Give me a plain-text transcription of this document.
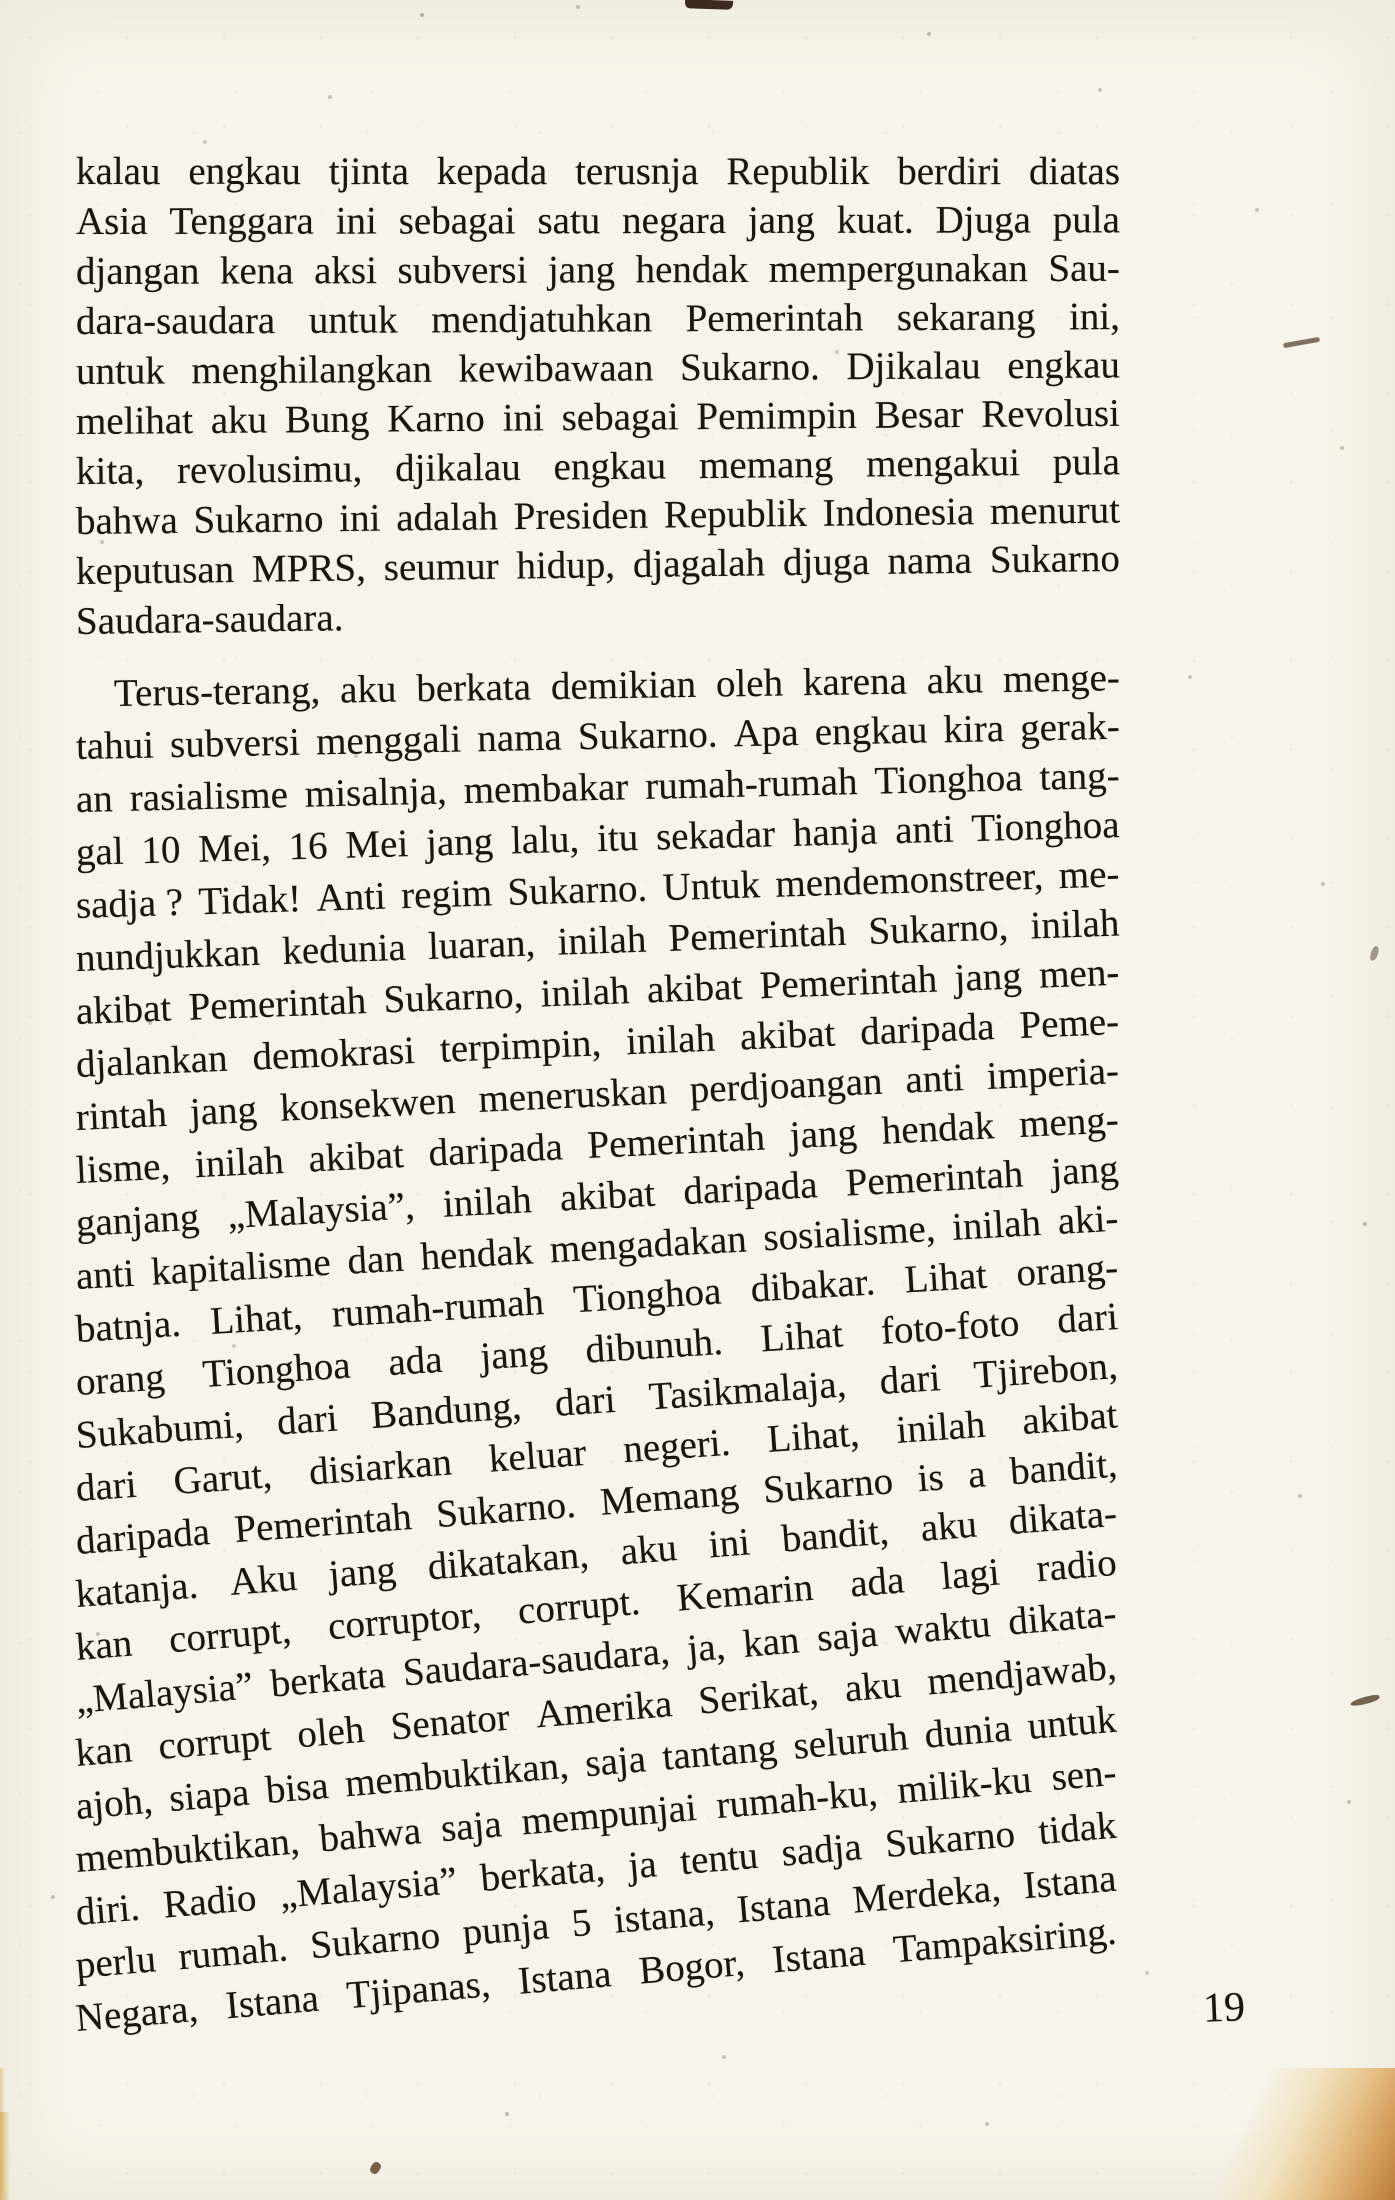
kalau engkau tjinta kepada terusnja Republik berdiri diatas
Asia Tenggara ini sebagai satu negara jang kuat. Djuga pula
djangan kena aksi subversi jang hendak mempergunakan Sau-
dara-saudara untuk mendjatuhkan Pemerintah sekarang ini,
untuk menghilangkan kewibawaan Sukarno. Djikalau engkau
melihat aku Bung Karno ini sebagai Pemimpin Besar Revolusi
kita, revolusimu, djikalau engkau memang mengakui pula
bahwa Sukarno ini adalah Presiden Republik Indonesia menurut
keputusan MPRS, seumur hidup, djagalah djuga nama Sukarno
Saudara-saudara.
Terus-terang, aku berkata demikian oleh karena aku menge-
tahui subversi menggali nama Sukarno. Apa engkau kira gerak-
an rasialisme misalnja, membakar rumah-rumah Tionghoa tang-
gal 10 Mei, 16 Mei jang lalu, itu sekadar hanja anti Tionghoa
sadja ? Tidak! Anti regim Sukarno. Untuk mendemonstreer, me-
nundjukkan kedunia luaran, inilah Pemerintah Sukarno, inilah
akibat Pemerintah Sukarno, inilah akibat Pemerintah jang men-
djalankan demokrasi terpimpin, inilah akibat daripada Peme-
rintah jang konsekwen meneruskan perdjoangan anti imperia-
lisme, inilah akibat daripada Pemerintah jang hendak meng-
ganjang „Malaysia”, inilah akibat daripada Pemerintah jang
anti kapitalisme dan hendak mengadakan sosialisme, inilah aki-
batnja. Lihat, rumah-rumah Tionghoa dibakar. Lihat orang-
orang Tionghoa ada jang dibunuh. Lihat foto-foto dari
Sukabumi, dari Bandung, dari Tasikmalaja, dari Tjirebon,
dari Garut, disiarkan keluar negeri. Lihat, inilah akibat
daripada Pemerintah Sukarno. Memang Sukarno is a bandit,
katanja. Aku jang dikatakan, aku ini bandit, aku dikata-
kan corrupt, corruptor, corrupt. Kemarin ada lagi radio
„Malaysia” berkata Saudara-saudara, ja, kan saja waktu dikata-
kan corrupt oleh Senator Amerika Serikat, aku mendjawab,
ajoh, siapa bisa membuktikan, saja tantang seluruh dunia untuk
membuktikan, bahwa saja mempunjai rumah-ku, milik-ku sen-
diri. Radio „Malaysia” berkata, ja tentu sadja Sukarno tidak
perlu rumah. Sukarno punja 5 istana, Istana Merdeka, Istana
Negara, Istana Tjipanas, Istana Bogor, Istana Tampaksiring.
19
